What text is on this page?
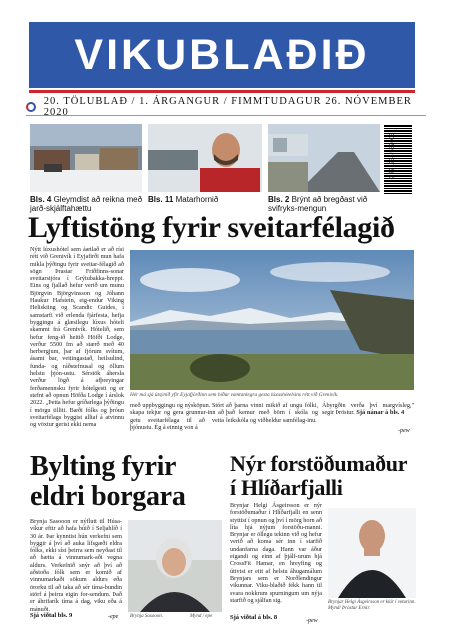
VIKUBLAÐIÐ
20. TÖLUBLAÐ / 1. ÁRGANGUR / FIMMTUDAGUR 26. NÓVEMBER 2020
9 771234 567003
Bls. 4 Gleymdist að reikna með jarð-skjálftahættu
Bls. 11 Matarhornið	Bls. 2 Brýnt að bregðast við svifryks-mengun
Lyftistöng fyrir sveitarfélagið
Nýtt lúxushótel sem áætlað er að rísi rétt við Grenivík í Eyjafirði mun hafa mikla þýðingu fyrir sveitar-félagið að sögn Þrastar Friðfinns-sonar sveitarstjóra í Grýtubakka-hreppi. Eins og fjallað hefur verið um munu Björgvin Björgvinsson og Jóhann Haukur Hafstein, eig-endur Viking Heliskiing og Scandic Guides, í samstarfi við erlenda fjárfesta, hefja byggingu á glæsilegu lúxus hóteli skammt frá Grenivík. Hótelið, sem hefur feng-ið heitið Höfði Lodge, verður 5500 fm að stærð með 40 herbergjum, þar af fjórum svítum, ásamt bar, veitingastað, heilsulind, funda- og ráðstefnusal og öllum helstu þjón-ustu. Sérstök áhersla verður lögð á afþreyingar ferðamennsku fyrir hótelgesti og er stefnt að opnun Höfða Lodge í árslok 2022. „Þetta hefur gríðarlega þýðingu í mörgu tilliti. Bæði fólks og þróun sveitarfélags byggist alltaf á atvinnu og vöxtur gerist ekki nema
Hér má sjá útsýnið yfir Eyjafjörðinn sem bíður væntanlegra gesta lúxushótelsins rétt við Grenivík.
með uppbyggingu og nýsköpun. Stórt skapa tekjur og gera grunnur-inn að getu sveitarfélaga til að veita þjónustu. Ég á einnig von á
að þarna vinni mikið af ungu fólki, það kemur með börn í skóla og leikskóla og viðheldur samfélag-inu.
Ábyrgðin verða því margvísleg," segir Þröstur. Sjá nánar á bls. 4
-pew
Bylting fyrir
eldri borgara
Brynja Sasooon er nýflutt til Húsa-víkur eftir að hafa búið í Seljahlíð í 30 ár. Þar kynntist hún verkefni sem byggir á því að auka lífsgæði eldra fólks, ekki síst þeirra sem neyðast til að hætta á vinnumark-aði vegna aldurs. Verkefnið snýr að því að aðstoða fólk sem er komið af vinnumarkaði sökum aldurs eða örorku til að taka að sér tíma-bundin störf á þeirra eigin for-sendum. Það er áhrifarík tíma á dag, viku eða á mánuði.
Sjá viðtal bls. 9	-epe Brynja Sasooon.	Mynd / epe
Nýr forstöðumaður
í Hlíðarfjalli
Brynjar Helgi Ásgeirsson er nýr forstöðumaður í Hlíðarfjalli en senn styttist í opnun og því í mörg horn að líta hjá nýjum forstöðu-manni. Brynjar er öllegu tekinn við og hefur verið að koma sér inn í starfið undanfarna daga. Hann var áður eigandi og einn af þjálf-urum hjá CrossFit Hamar, en hreyfing og útivist er eitt af helstu áhugamálum Brynjars sem er Norðlendingur vikunnar. Viku-blaðið fékk hann til svara nokkrum spurningum um nýja starfið og sjálfan sig.
Sjá viðtal á bls. 8	-pew
Brynjar Helgi Ásgeirsson er klár í veturinn. Mynd/ Þröstur Ernir.
